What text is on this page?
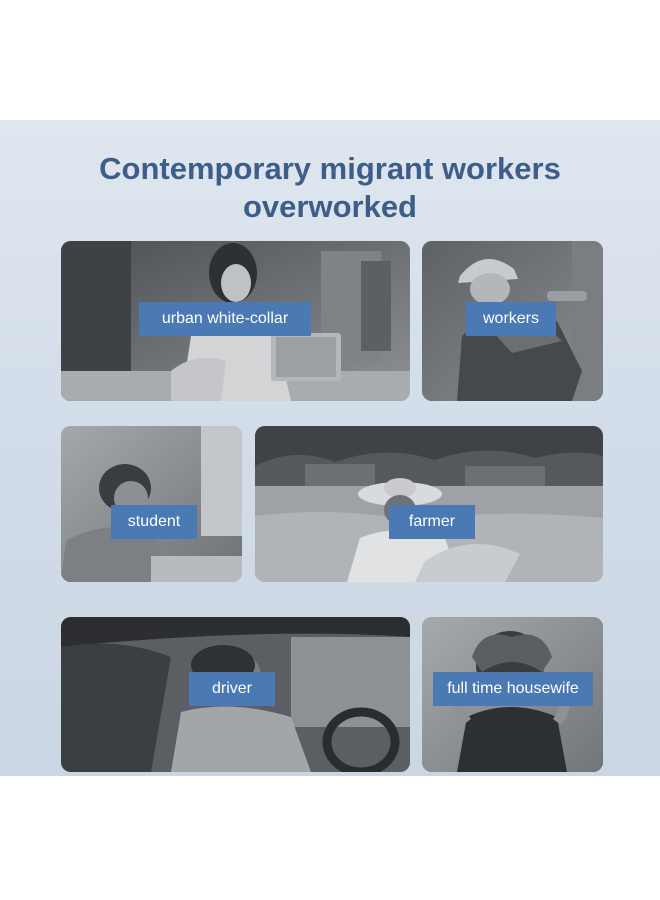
Contemporary migrant workers
overworked
urban white-collar	workers
student	farmer
driver	full time housewife
